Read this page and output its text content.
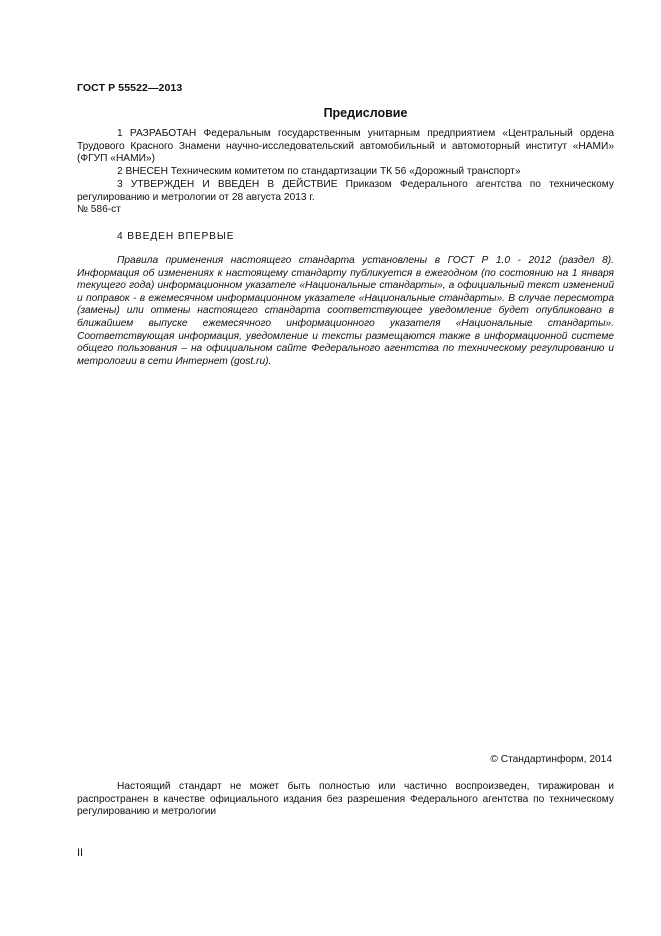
ГОСТ Р 55522—2013
Предисловие
1 РАЗРАБОТАН Федеральным государственным унитарным предприятием «Центральный ордена Трудового Красного Знамени научно-исследовательский автомобильный и автомоторный институт «НАМИ» (ФГУП «НАМИ»)
2 ВНЕСЕН Техническим комитетом по стандартизации ТК 56 «Дорожный транспорт»
3 УТВЕРЖДЕН И ВВЕДЕН В ДЕЙСТВИЕ Приказом Федерального агентства по техническому регулированию и метрологии от 28 августа 2013 г.
№ 586-ст
4 ВВЕДЕН ВПЕРВЫЕ
Правила применения настоящего стандарта установлены в ГОСТ Р 1.0 - 2012 (раздел 8). Информация об изменениях к настоящему стандарту публикуется в ежегодном (по состоянию на 1 января текущего года) информационном указателе «Национальные стандарты», а официальный текст изменений и поправок - в ежемесячном информационном указателе «Национальные стандарты». В случае пересмотра (замены) или отмены настоящего стандарта соответствующее уведомление будет опубликовано в ближайшем выпуске ежемесячного информационного указателя «Национальные стандарты». Соответствующая информация, уведомление и тексты размещаются также в информационной системе общего пользования – на официальном сайте Федерального агентства по техническому регулированию и метрологии в сети Интернет (gost.ru).
© Стандартинформ, 2014
Настоящий стандарт не может быть полностью или частично воспроизведен, тиражирован и распространен в качестве официального издания без разрешения Федерального агентства по техническому регулированию и метрологии
II
